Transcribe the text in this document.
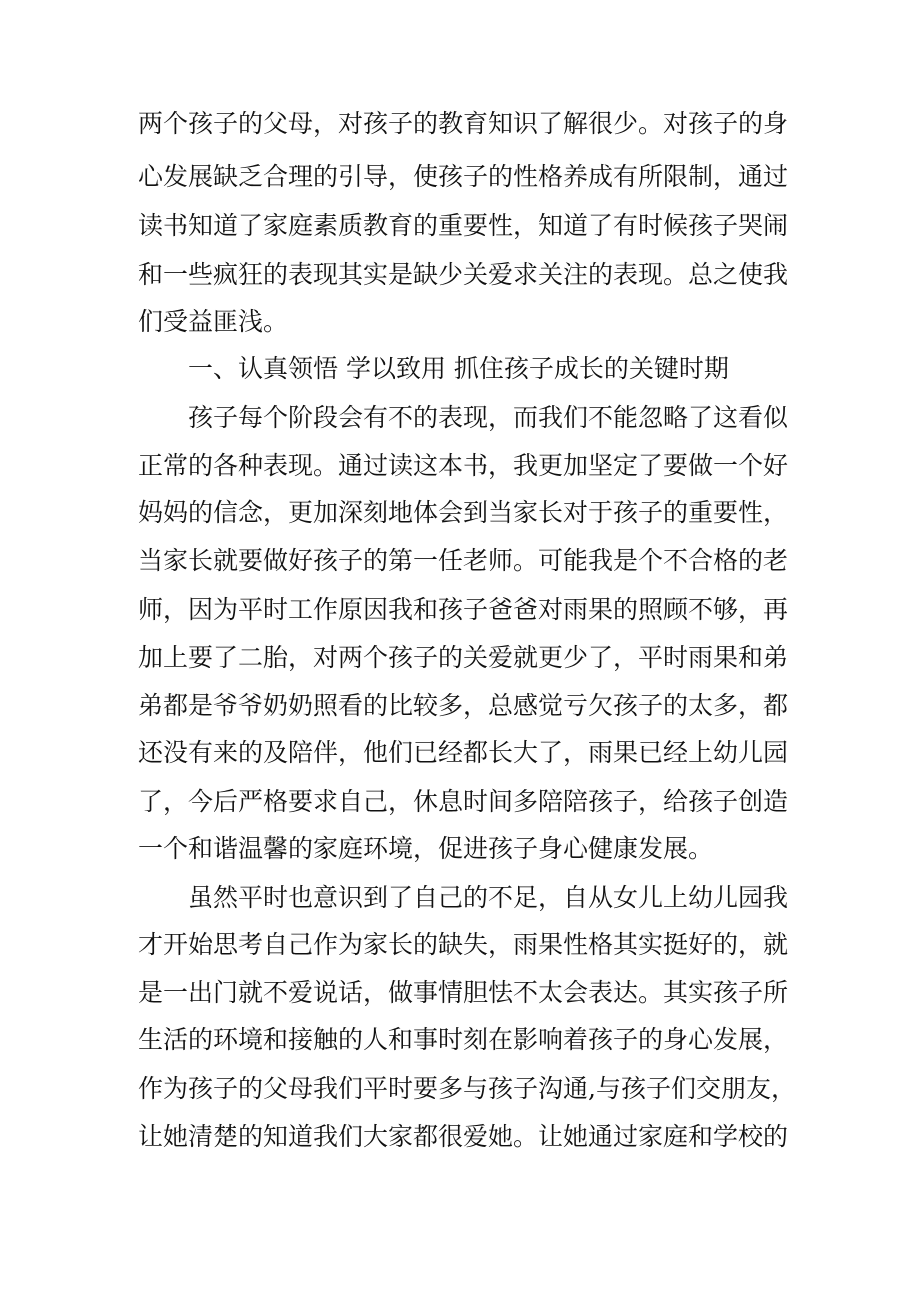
两个孩子的父母，对孩子的教育知识了解很少。对孩子的身
心发展缺乏合理的引导，使孩子的性格养成有所限制，通过
读书知道了家庭素质教育的重要性，知道了有时候孩子哭闹
和一些疯狂的表现其实是缺少关爱求关注的表现。总之使我
们受益匪浅。
一、认真领悟 学以致用 抓住孩子成长的关键时期
孩子每个阶段会有不的表现，而我们不能忽略了这看似
正常的各种表现。通过读这本书，我更加坚定了要做一个好
妈妈的信念，更加深刻地体会到当家长对于孩子的重要性，
当家长就要做好孩子的第一任老师。可能我是个不合格的老
师，因为平时工作原因我和孩子爸爸对雨果的照顾不够，再
加上要了二胎，对两个孩子的关爱就更少了，平时雨果和弟
弟都是爷爷奶奶照看的比较多，总感觉亏欠孩子的太多，都
还没有来的及陪伴，他们已经都长大了，雨果已经上幼儿园
了，今后严格要求自己，休息时间多陪陪孩子，给孩子创造
一个和谐温馨的家庭环境，促进孩子身心健康发展。
虽然平时也意识到了自己的不足，自从女儿上幼儿园我
才开始思考自己作为家长的缺失，雨果性格其实挺好的，就
是一出门就不爱说话，做事情胆怯不太会表达。其实孩子所
生活的环境和接触的人和事时刻在影响着孩子的身心发展，
作为孩子的父母我们平时要多与孩子沟通,与孩子们交朋友，
让她清楚的知道我们大家都很爱她。让她通过家庭和学校的
